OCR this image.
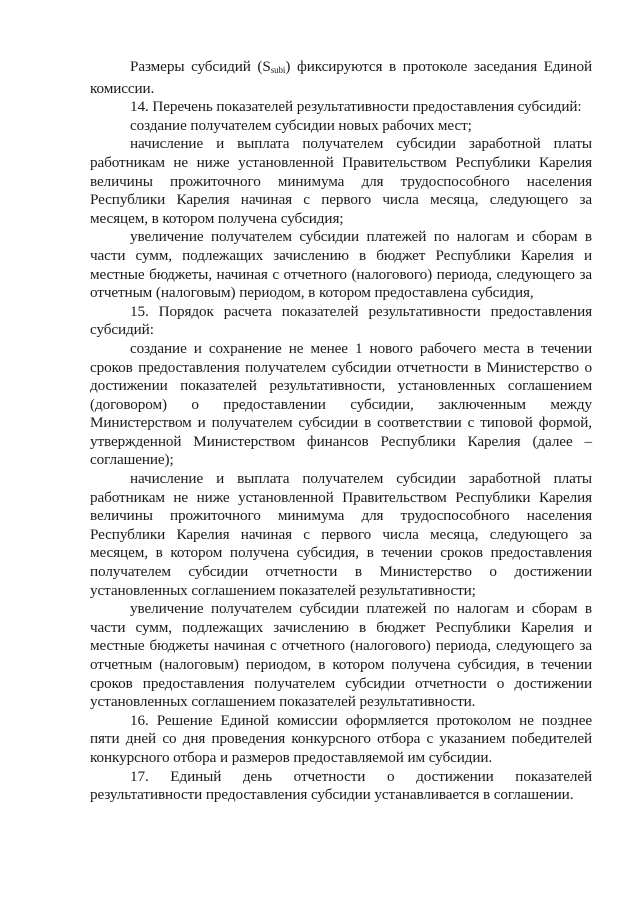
Размеры субсидий $(S_{subi})$ фиксируются в протоколе заседания Единой комиссии.

14. Перечень показателей результативности предоставления субсидий:

создание получателем субсидии новых рабочих мест;

начисление и выплата получателем субсидии заработной платы работникам не ниже установленной Правительством Республики Карелия величины прожиточного минимума для трудоспособного населения Республики Карелия начиная с первого числа месяца, следующего за месяцем, в котором получена субсидия;

увеличение получателем субсидии платежей по налогам и сборам в части сумм, подлежащих зачислению в бюджет Республики Карелия и местные бюджеты, начиная с отчетного (налогового) периода, следующего за отчетным (налоговым) периодом, в котором предоставлена субсидия,

15. Порядок расчета показателей результативности предоставления субсидий:

создание и сохранение не менее 1 нового рабочего места в течении сроков предоставления получателем субсидии отчетности в Министерство о достижении показателей результативности, установленных соглашением (договором) о предоставлении субсидии, заключенным между Министерством и получателем субсидии в соответствии с типовой формой, утвержденной Министерством финансов Республики Карелия (далее – соглашение);

начисление и выплата получателем субсидии заработной платы работникам не ниже установленной Правительством Республики Карелия величины прожиточного минимума для трудоспособного населения Республики Карелия начиная с первого числа месяца, следующего за месяцем, в котором получена субсидия, в течении сроков предоставления получателем субсидии отчетности в Министерство о достижении установленных соглашением показателей результативности;

увеличение получателем субсидии платежей по налогам и сборам в части сумм, подлежащих зачислению в бюджет Республики Карелия и местные бюджеты начиная с отчетного (налогового) периода, следующего за отчетным (налоговым) периодом, в котором получена субсидия, в течении сроков предоставления получателем субсидии отчетности о достижении установленных соглашением показателей результативности.

16. Решение Единой комиссии оформляется протоколом не позднее пяти дней со дня проведения конкурсного отбора с указанием победителей конкурсного отбора и размеров предоставляемой им субсидии.

17. Единый день отчетности о достижении показателей результативности предоставления субсидии устанавливается в соглашении.
